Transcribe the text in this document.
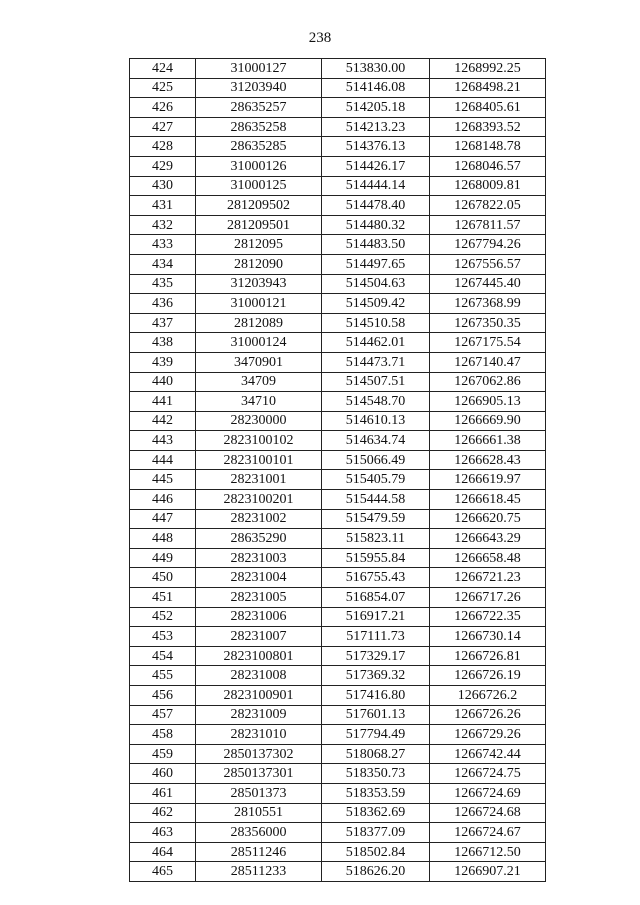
238
424	31000127	513830.00	1268992.25
425	31203940	514146.08	1268498.21
426	28635257	514205.18	1268405.61
427	28635258	514213.23	1268393.52
428	28635285	514376.13	1268148.78
429	31000126	514426.17	1268046.57
430	31000125	514444.14	1268009.81
431	281209502	514478.40	1267822.05
432	281209501	514480.32	1267811.57
433	2812095	514483.50	1267794.26
434	2812090	514497.65	1267556.57
435	31203943	514504.63	1267445.40
436	31000121	514509.42	1267368.99
437	2812089	514510.58	1267350.35
438	31000124	514462.01	1267175.54
439	3470901	514473.71	1267140.47
440	34709	514507.51	1267062.86
441	34710	514548.70	1266905.13
442	28230000	514610.13	1266669.90
443	2823100102	514634.74	1266661.38
444	2823100101	515066.49	1266628.43
445	28231001	515405.79	1266619.97
446	2823100201	515444.58	1266618.45
447	28231002	515479.59	1266620.75
448	28635290	515823.11	1266643.29
449	28231003	515955.84	1266658.48
450	28231004	516755.43	1266721.23
451	28231005	516854.07	1266717.26
452	28231006	516917.21	1266722.35
453	28231007	517111.73	1266730.14
454	2823100801	517329.17	1266726.81
455	28231008	517369.32	1266726.19
456	2823100901	517416.80	1266726.2
457	28231009	517601.13	1266726.26
458	28231010	517794.49	1266729.26
459	2850137302	518068.27	1266742.44
460	2850137301	518350.73	1266724.75
461	28501373	518353.59	1266724.69
462	2810551	518362.69	1266724.68
463	28356000	518377.09	1266724.67
464	28511246	518502.84	1266712.50
465	28511233	518626.20	1266907.21
